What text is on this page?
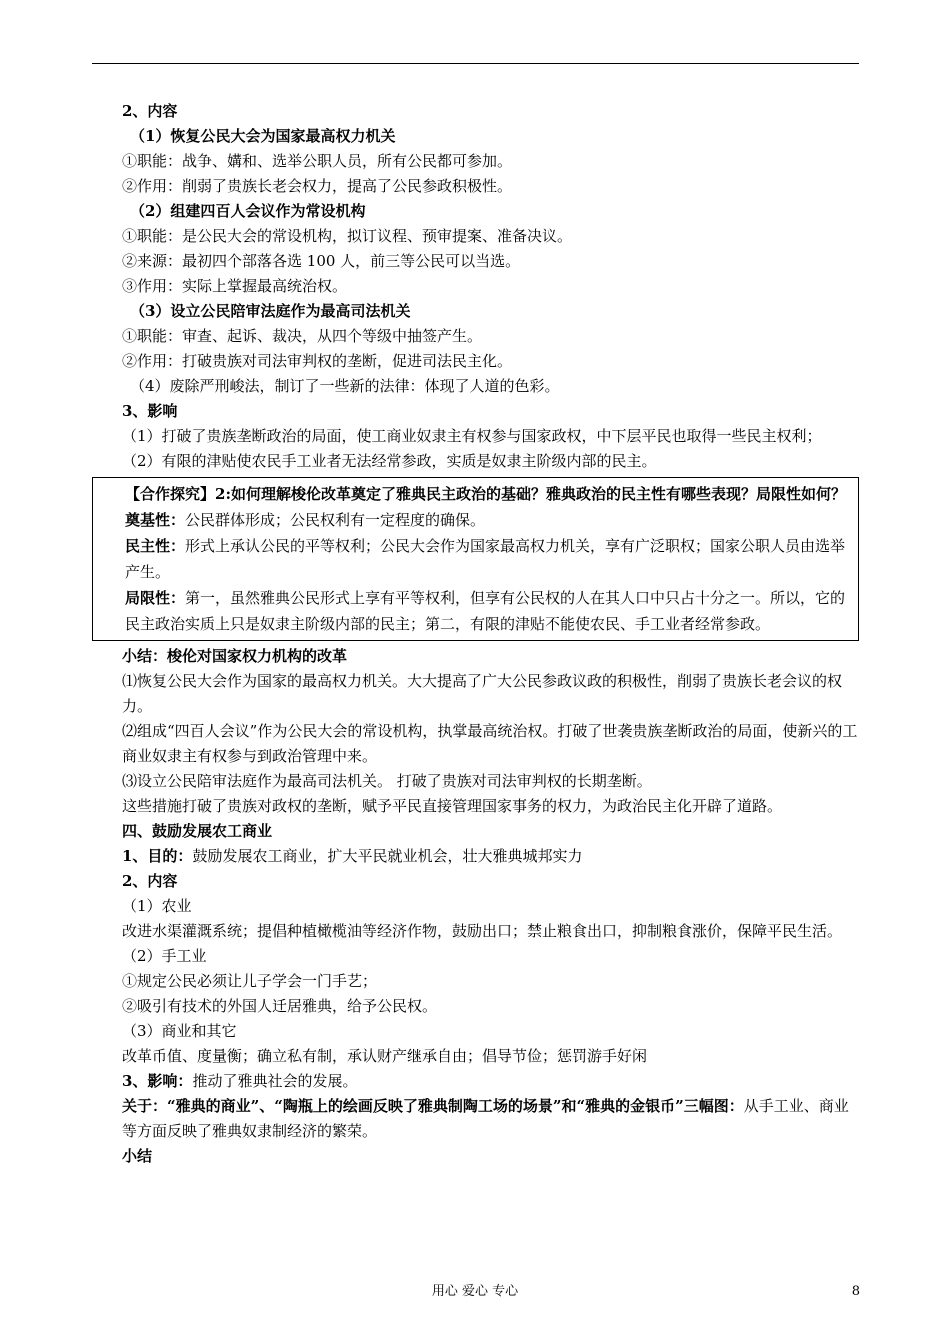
2、内容

（1）恢复公民大会为国家最高权力机关

①职能：战争、媾和、选举公职人员，所有公民都可参加。

②作用：削弱了贵族长老会权力，提高了公民参政积极性。

（2）组建四百人会议作为常设机构

①职能：是公民大会的常设机构，拟订议程、预审提案、准备决议。

②来源：最初四个部落各选 100 人，前三等公民可以当选。

③作用：实际上掌握最高统治权。

（3）设立公民陪审法庭作为最高司法机关

①职能：审查、起诉、裁决，从四个等级中抽签产生。

②作用：打破贵族对司法审判权的垄断，促进司法民主化。

（4）废除严刑峻法，制订了一些新的法律：体现了人道的色彩。

3、影响

（1）打破了贵族垄断政治的局面，使工商业奴隶主有权参与国家政权，中下层平民也取得一些民主权利；

（2）有限的津贴使农民手工业者无法经常参政，实质是奴隶主阶级内部的民主。

【合作探究】2:如何理解梭伦改革奠定了雅典民主政治的基础？雅典政治的民主性有哪些表现？局限性如何？

奠基性：公民群体形成；公民权利有一定程度的确保。

民主性：形式上承认公民的平等权利；公民大会作为国家最高权力机关，享有广泛职权；国家公职人员由选举产生。

局限性：第一，虽然雅典公民形式上享有平等权利，但享有公民权的人在其人口中只占十分之一。所以，它的民主政治实质上只是奴隶主阶级内部的民主；第二，有限的津贴不能使农民、手工业者经常参政。

小结：梭伦对国家权力机构的改革

⑴恢复公民大会作为国家的最高权力机关。大大提高了广大公民参政议政的积极性，削弱了贵族长老会议的权力。

⑵组成“四百人会议”作为公民大会的常设机构，执掌最高统治权。打破了世袭贵族垄断政治的局面，使新兴的工商业奴隶主有权参与到政治管理中来。

⑶设立公民陪审法庭作为最高司法机关。 打破了贵族对司法审判权的长期垄断。

这些措施打破了贵族对政权的垄断，赋予平民直接管理国家事务的权力，为政治民主化开辟了道路。

四、鼓励发展农工商业

1、目的：鼓励发展农工商业，扩大平民就业机会，壮大雅典城邦实力

2、内容

（1）农业

改进水渠灌溉系统；提倡种植橄榄油等经济作物，鼓励出口；禁止粮食出口，抑制粮食涨价，保障平民生活。

（2）手工业

①规定公民必须让儿子学会一门手艺；

②吸引有技术的外国人迁居雅典，给予公民权。

（3）商业和其它

改革币值、度量衡；确立私有制，承认财产继承自由；倡导节俭；惩罚游手好闲

3、影响：推动了雅典社会的发展。

关于：“雅典的商业”、“陶瓶上的绘画反映了雅典制陶工场的场景”和“雅典的金银币”三幅图：从手工业、商业等方面反映了雅典奴隶制经济的繁荣。

小结

用心 爱心 专心	8
